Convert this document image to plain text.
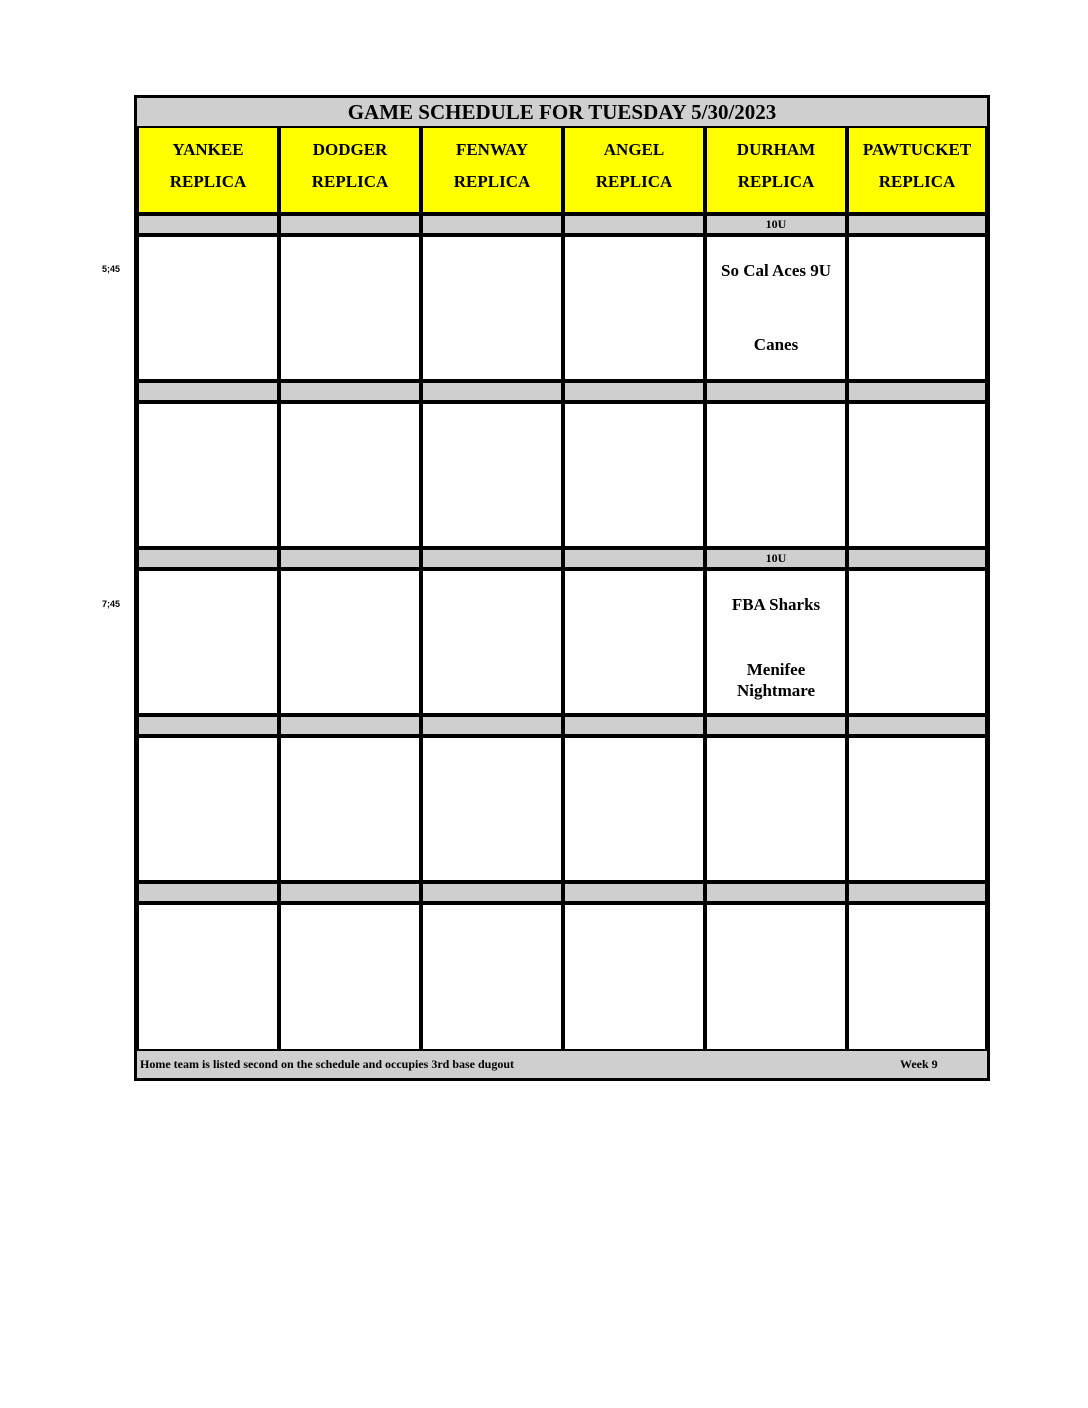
GAME SCHEDULE FOR TUESDAY 5/30/2023
YANKEE
REPLICA
DODGER
REPLICA
FENWAY
REPLICA
ANGEL
REPLICA
DURHAM
REPLICA
PAWTUCKET
REPLICA
10U
So Cal Aces 9U
Canes
10U
FBA Sharks
Menifee Nightmare
Home team is listed second on the schedule and occupies 3rd base dugout	Week 9
5;45
7;45
